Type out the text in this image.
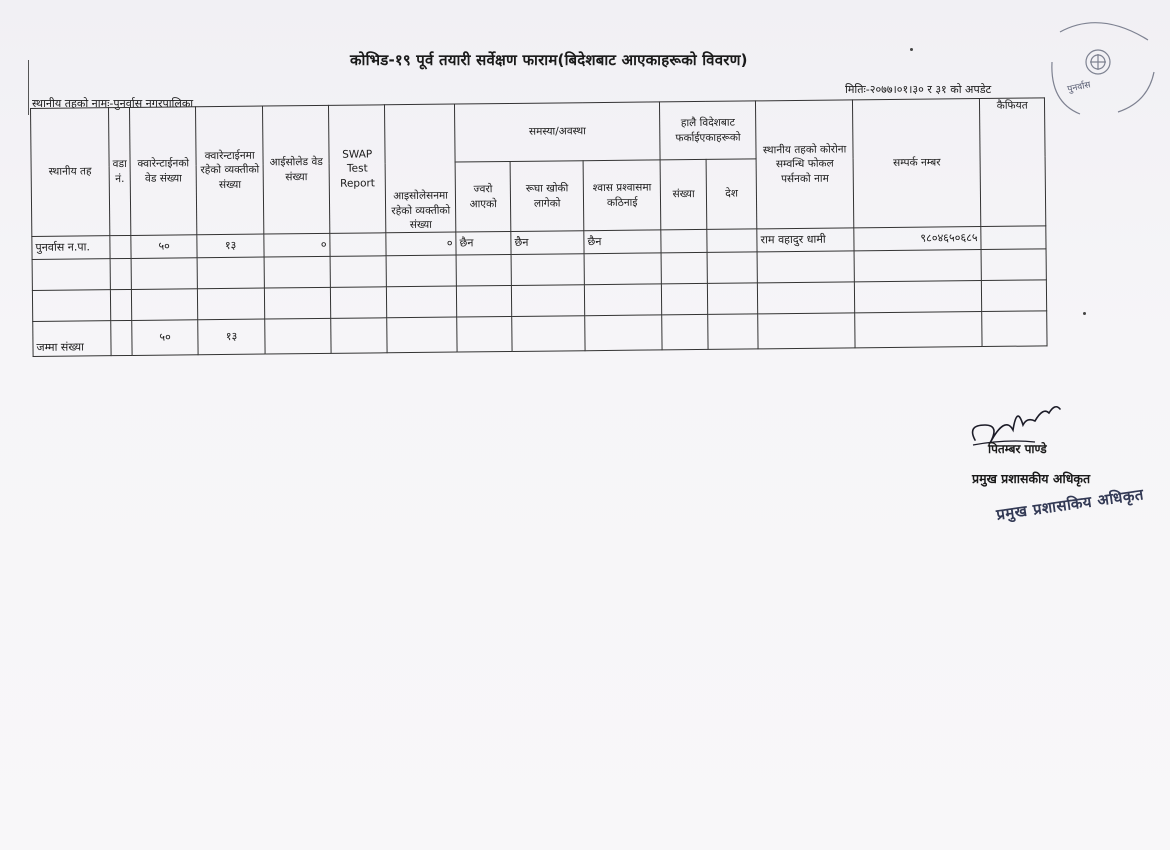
कोभिड-१९ पूर्व तयारी सर्वेक्षण फाराम(बिदेशबाट आएकाहरूको विवरण)
मितिः-२०७७।०१।३० र ३१ को अपडेट
स्थानीय तहको नामः-पुनर्वास नगरपालिका
पुनर्वास
स्थानीय तह	वडा नं.	क्वारेन्टाईनको वेड संख्या	क्वारेन्टाईनमा रहेको व्यक्तीको संख्या	आईसोलेड वेड संख्या	SWAP Test Report	आइसोलेसनमा रहेको व्यक्तीको संख्या	समस्या/अवस्था			हालै विदेशबाट फर्काईएकाहरूको		स्थानीय तहको कोरोना सम्वन्धि फोकल पर्सनको नाम	सम्पर्क नम्बर	कैफियत
							ज्वरो आएको	रूघा खोकी लागेको	श्वास प्रश्वासमा कठिनाई	संख्या	देश			
पुनर्वास न.पा.		५०	१३	०		०	छैन	छैन	छैन			राम वहादुर धामी	९८०४६५०६८५	

जम्मा संख्या		५०	१३											
पितम्बर पाण्डे
प्रमुख प्रशासकीय अधिकृत
प्रमुख प्रशासकिय अधिकृत
